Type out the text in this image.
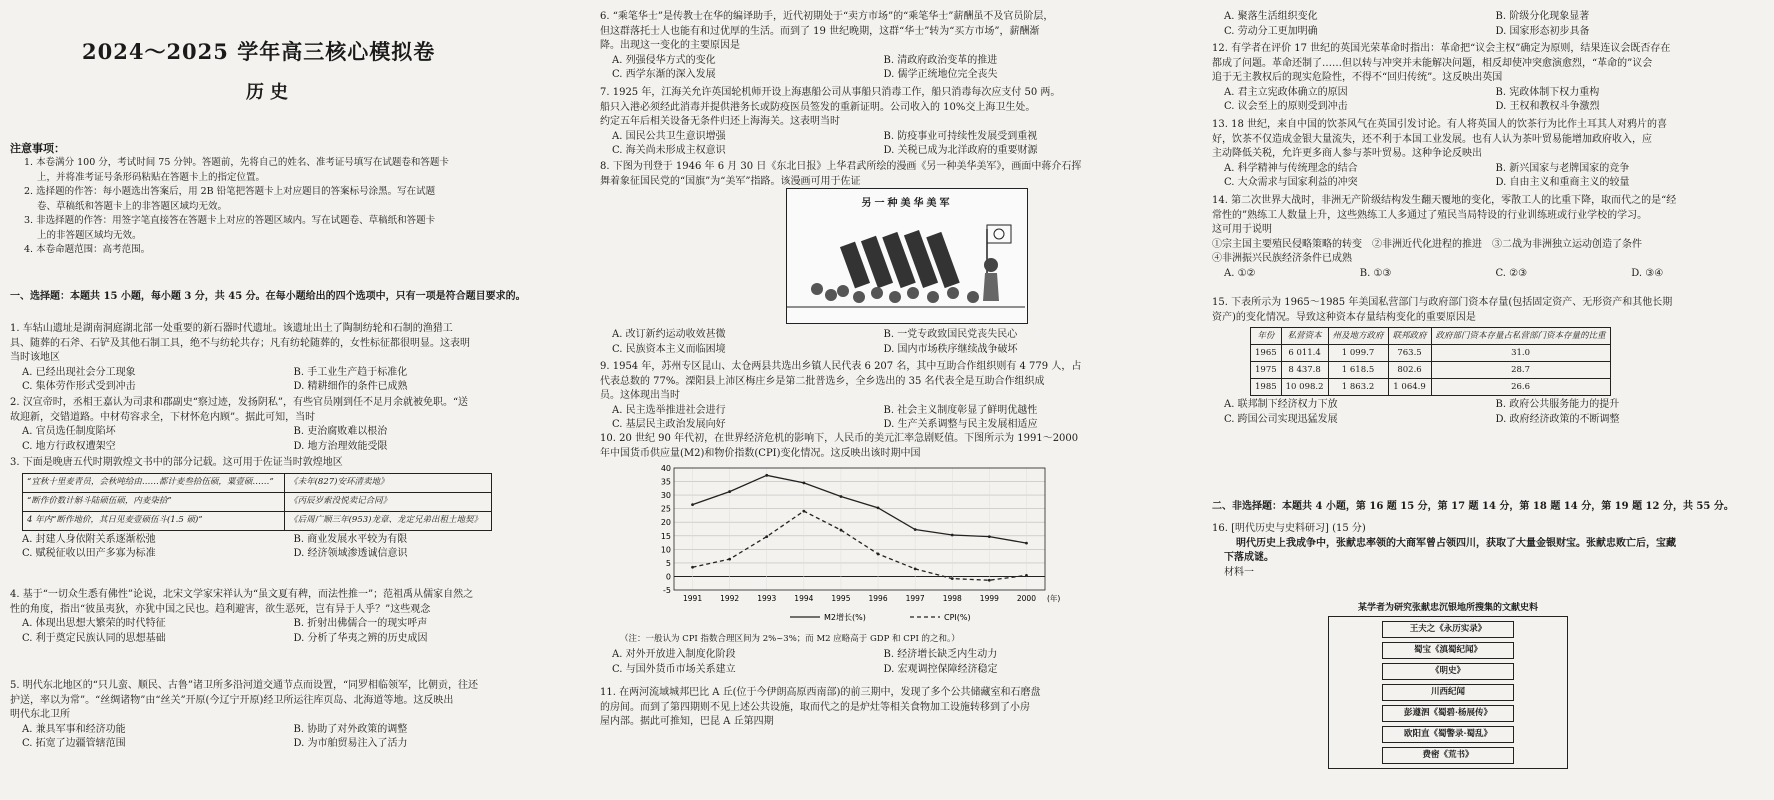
2024～2025 学年高三核心模拟卷
历史
注意事项：

1. 本卷满分 100 分，考试时间 75 分钟。答题前，先将自己的姓名、准考证号填写在试题卷和答题卡

上，并将准考证号条形码粘贴在答题卡上的指定位置。

2. 选择题的作答：每小题选出答案后，用 2B 铅笔把答题卡上对应题目的答案标号涂黑。写在试题

卷、草稿纸和答题卡上的非答题区域均无效。

3. 非选择题的作答：用签字笔直接答在答题卡上对应的答题区域内。写在试题卷、草稿纸和答题卡

上的非答题区域均无效。

4. 本卷命题范围：高考范围。

一、选择题：本题共 15 小题，每小题 3 分，共 45 分。在每小题给出的四个选项中，只有一项是符合题目要求的。

1. 车轱山遗址是湖南洞庭湖北部一处重要的新石器时代遗址。该遗址出土了陶制纺轮和石制的渔猎工

具、随葬的石斧、石铲及其他石制工具，绝不与纺轮共存；凡有纺轮随葬的，女性标征都很明显。这表明

当时该地区

A. 已经出现社会分工现象	B. 手工业生产趋于标准化
C. 集体劳作形式受到冲击	D. 精耕细作的条件已成熟

2. 汉宣帝时，丞相王嘉认为司隶和郡副史“察过迹，发扬阴私”，有些官员刚到任不足月余就被免职。“送

故迎新，交错道路。中材苟容求全，下材怀危内顾”。据此可知，当时

A. 官员选任制度陷坏	B. 吏治腐败难以根治
C. 地方行政权遭架空	D. 地方治理效能受限

3. 下面是晚唐五代时期敦煌文书中的部分记载。这可用于佐证当时敦煌地区

“宜秋十里麦青员，会秋吨给由……都计麦叁拾伍硕，粟壹硕……”	《未年(827)安环清卖地》
“断作价数计斛斗陆硕伍硕，内麦柒拾”	《丙辰岁索没悦卖记合同》
4 年内“断作地价，其日见麦壹硕伍斗(1.5 硕)”	《后周广顺三年(953)龙章、龙定兄弟出租土地契》
A. 封建人身依附关系逐渐松弛	B. 商业发展水平较为有限
C. 赋税征收以田产多寡为标准	D. 经济领域渗透诚信意识

4. 基于“一切众生悉有佛性”论说，北宋文学家宋祥认为“虽文夏有稗，而法性推一”；范祖禹从儒家自然之

性的角度，指出“彼虽夷狄，亦犹中国之民也。趋利避害，欲生恶死，岂有异于人乎？”这些观念

A. 体现出思想大繁荣的时代特征	B. 折射出佛儒合一的现实呼声
C. 利于奠定民族认同的思想基础	D. 分析了华夷之辨的历史成因

5. 明代东北地区的“只儿蛮、顺民、古鲁”诸卫所多沿河道交通节点而设置，“同罗相临领军，比朝贡，往还

护送，率以为常”。“丝绸诸物”由“丝关”开原(今辽宁开原)经卫所运往库页岛、北海道等地。这反映出

明代东北卫所

A. 兼具军事和经济功能	B. 协助了对外政策的调整
C. 拓宽了边疆管辖范围	D. 为市舶贸易注入了活力

6. “乘笔华士”是传教士在华的编译助手，近代初期处于“卖方市场”的“乘笔华士”薪酬虽不及官员阶层，

但这群落托士人也能有和过优厚的生活。而到了 19 世纪晚期，这群“华士”转为“买方市场”，薪酬渐

降。出现这一变化的主要原因是

A. 列强侵华方式的变化	B. 清政府政治变革的推进
C. 西学东渐的深入发展	D. 儒学正统地位完全丧失

7. 1925 年，江海关允许英国轮机师开设上海惠船公司从事船只消毒工作，船只消毒每次应支付 50 两。

船只入港必须经此消毒并提供港务长或防疫医员签发的重新证明。公司收入的 10%交上海卫生处。

约定五年后相关设备无条件归还上海海关。这表明当时

A. 国民公共卫生意识增强	B. 防疫事业可持续性发展受到重视
C. 海关尚未形成主权意识	D. 关税已成为北洋政府的重要财源

8. 下图为刊登于 1946 年 6 月 30 日《东北日报》上华君武所绘的漫画《另一种美华美军》，画面中蒋介石挥

舞着象征国民党的“国旗”为“美军”指路。该漫画可用于佐证

另一种美华美军
A. 改订新约运动收效甚微	B. 一党专政致国民党丧失民心
C. 民族资本主义而临困境	D. 国内市场秩序继续战争破坏

9. 1954 年，苏州专区昆山、太仓两县共选出乡镇人民代表 6 207 名，其中互助合作组织则有 4 779 人，占

代表总数的 77%。溧阳县上沛区梅庄乡是第二批普选乡，全乡选出的 35 名代表全是互助合作组织成

员。这体现出当时

A. 民主选举推进社会进行	B. 社会主义制度彰显了鲜明优越性
C. 基层民主政治发展向好	D. 生产关系调整与民主发展相适应

10. 20 世纪 90 年代初，在世界经济危机的影响下，人民币的美元汇率急剧贬值。下图所示为 1991～2000

年中国货币供应量(M2)和物价指数(CPI)变化情况。这反映出该时期中国

-5
0
5
10
15
20
25
30
35
40
1991 1992 1993 1994 1995 1996 1997 1998 1999 2000 (年)
M2增长(%)	CPI(%)
（注：一般认为 CPI 指数合理区间为 2%~3%；而 M2 应略高于 GDP 和 CPI 的之和。）
A. 对外开放进入制度化阶段	B. 经济增长缺乏内生动力
C. 与国外货币市场关系建立	D. 宏观调控保障经济稳定

11. 在两河流域城邦巴比 A 丘(位于今伊朗高原西南部)的前三期中，发现了多个公共储藏室和石磨盘

的房间。而到了第四期则不见上述公共设施，取而代之的是炉灶等相关食物加工设施转移到了小房

屋内部。据此可推知，巴昆 A 丘第四期

A. 聚落生活组织变化	B. 阶级分化现象显著
C. 劳动分工更加明确	D. 国家形态初步具备

12. 有学者在评价 17 世纪的英国光荣革命时指出：革命把“议会主权”确定为原则，结果连议会既否存在

都成了问题。革命还制了……但以转与冲突并未能解决问题，相反却使冲突愈演愈烈，“革命的”议会

追于无主教权后的现实危险性，不得不“回归传统”。这反映出英国

A. 君主立宪政体确立的原因	B. 宪政体制下权力重构
C. 议会至上的原则受到冲击	D. 王权和教权斗争激烈

13. 18 世纪，来自中国的饮茶风气在英国引发讨论。有人将英国人的饮茶行为比作土耳其人对鸦片的喜

好，饮茶不仅造成金银大量流失，还不利于本国工业发展。也有人认为茶叶贸易能增加政府收入，应

主动降低关税，允许更多商人参与茶叶贸易。这种争论反映出

A. 科学精神与传统理念的结合	B. 新兴国家与老牌国家的竞争
C. 大众需求与国家利益的冲突	D. 自由主义和重商主义的较量

14. 第二次世界大战时，非洲无产阶级结构发生翻天覆地的变化，零散工人的比重下降，取而代之的是“经

常性的”熟练工人数量上升，这些熟练工人多通过了殖民当局特设的行业训练班或行业学校的学习。

这可用于说明

①宗主国主要殖民侵略策略的转变　②非洲近代化进程的推进　③二战为非洲独立运动创造了条件

④非洲振兴民族经济条件已成熟

A. ①②	B. ①③	C. ②③	D. ③④

15. 下表所示为 1965～1985 年美国私营部门与政府部门资本存量(包括固定资产、无形资产和其他长期

资产)的变化情况。导致这种资本存量结构变化的重要原因是

年份	私营资本	州及地方政府	联邦政府	政府部门资本存量占私营部门资本存量的比重
1965	6 011.4	1 099.7	763.5	31.0
1975	8 437.8	1 618.5	802.6	28.7
1985	10 098.2	1 863.2	1 064.9	26.6
A. 联邦制下经济权力下放	B. 政府公共服务能力的提升
C. 跨国公司实现迅猛发展	D. 政府经济政策的不断调整
二、非选择题：本题共 4 小题，第 16 题 15 分，第 17 题 14 分，第 18 题 14 分，第 19 题 12 分，共 55 分。

16. [明代历史与史料研习] (15 分)

明代历史上我成争中，张献忠率领的大商军曾占领四川，获取了大量金银财宝。张献忠败亡后，宝藏

下落成谜。

材料一

某学者为研究张献忠沉银地所搜集的文献史料
王夫之《永历实录》
蜀宝《滇蜀纪闻》
《明史》
川西纪闻
彭遵泗《蜀碧·杨展传》
欧阳直《蜀警录·蜀乱》
费密《荒书》
